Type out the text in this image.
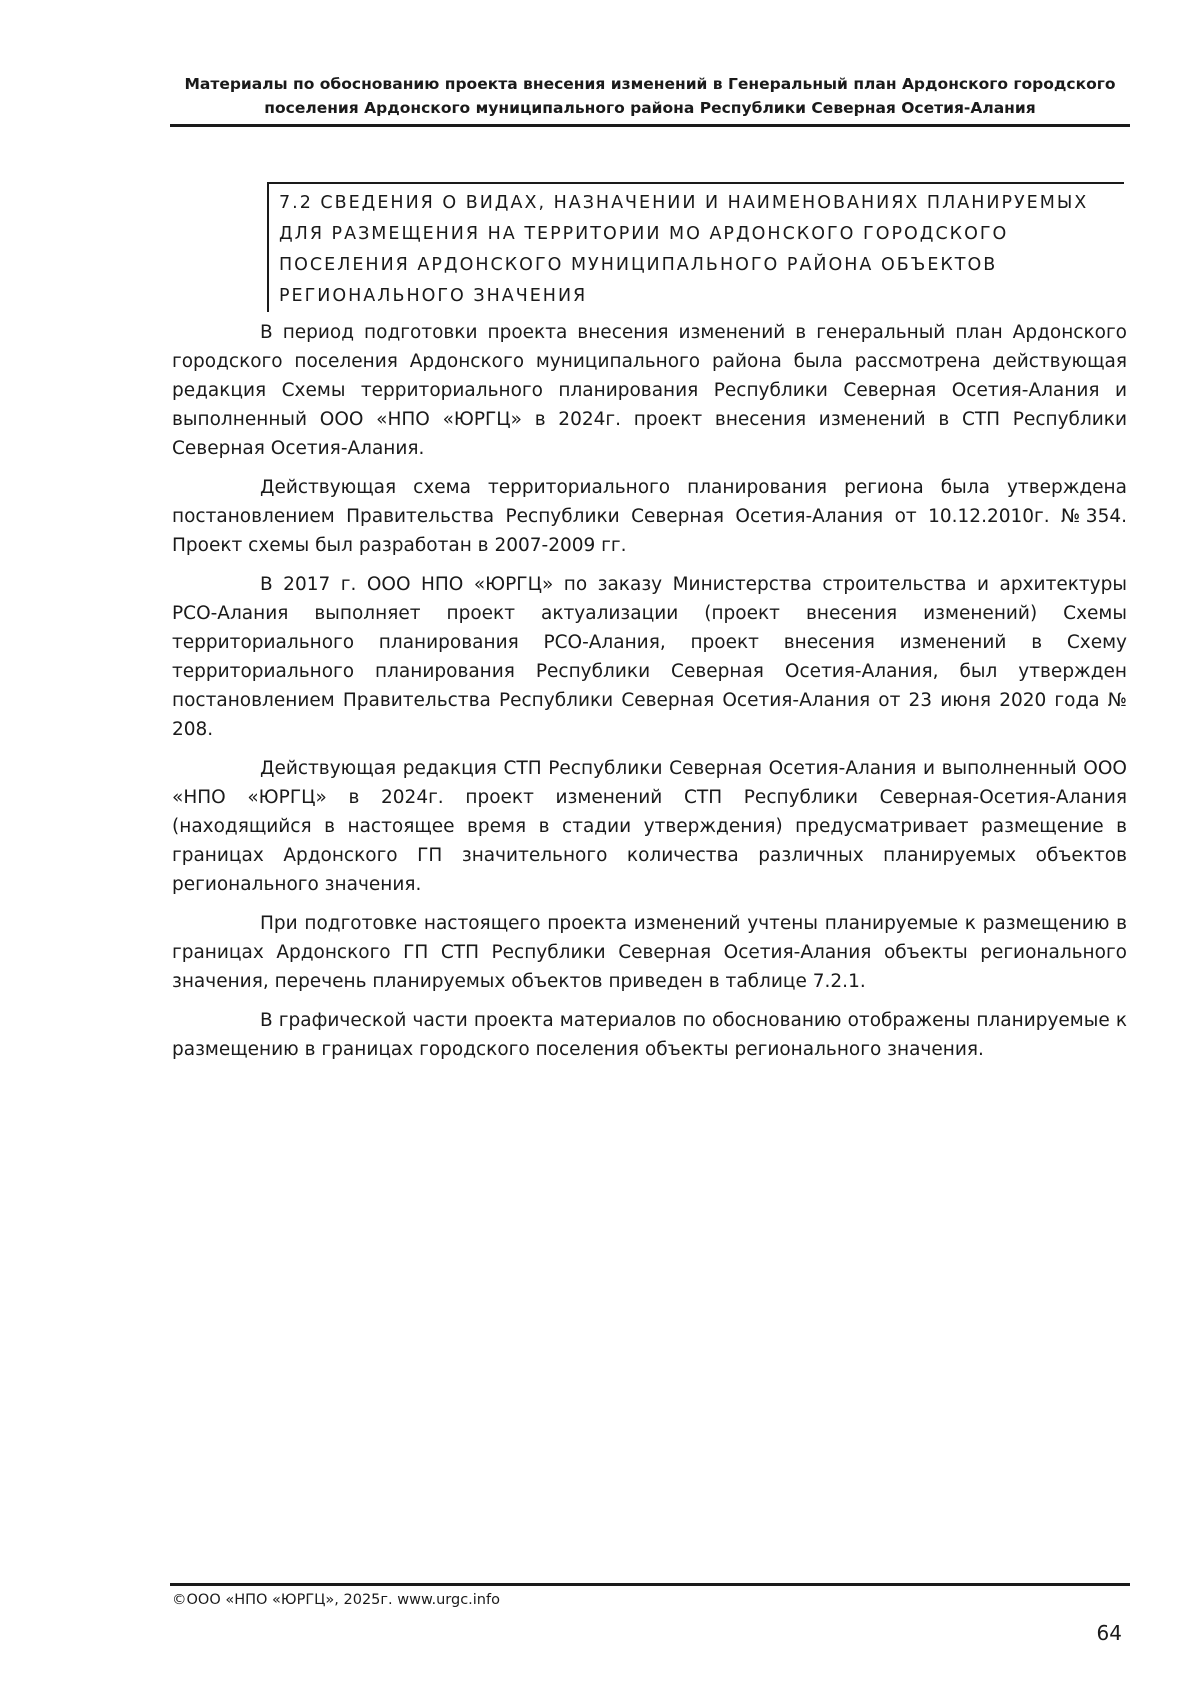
Материалы по обоснованию проекта внесения изменений в Генеральный план Ардонского городского
поселения Ардонского муниципального района Республики Северная Осетия-Алания
7.2 СВЕДЕНИЯ О ВИДАХ, НАЗНАЧЕНИИ И НАИМЕНОВАНИЯХ ПЛАНИРУЕМЫХ ДЛЯ РАЗМЕЩЕНИЯ НА ТЕРРИТОРИИ МО АРДОНСКОГО ГОРОДСКОГО ПОСЕЛЕНИЯ АРДОНСКОГО МУНИЦИПАЛЬНОГО РАЙОНА ОБЪЕКТОВ РЕГИОНАЛЬНОГО ЗНАЧЕНИЯ

В период подготовки проекта внесения изменений в генеральный план Ардонского городского поселения Ардонского муниципального района была рассмотрена действующая редакция Схемы территориального планирования Республики Северная Осетия-Алания и выполненный ООО «НПО «ЮРГЦ» в 2024г. проект внесения изменений в СТП Республики Северная Осетия-Алания.

Действующая схема территориального планирования региона была утверждена постановлением Правительства Республики Северная Осетия-Алания от 10.12.2010г. №354. Проект схемы был разработан в 2007-2009 гг.

В 2017 г. ООО НПО «ЮРГЦ» по заказу Министерства строительства и архитектуры РСО-Алания выполняет проект актуализации (проект внесения изменений) Схемы территориального планирования РСО-Алания, проект внесения изменений в Схему территориального планирования Республики Северная Осетия-Алания, был утвержден постановлением Правительства Республики Северная Осетия-Алания от 23 июня 2020 года № 208.

Действующая редакция СТП Республики Северная Осетия-Алания и выполненный ООО «НПО «ЮРГЦ» в 2024г. проект изменений СТП Республики Северная-Осетия-Алания (находящийся в настоящее время в стадии утверждения) предусматривает размещение в границах Ардонского ГП значительного количества различных планируемых объектов регионального значения.

При подготовке настоящего проекта изменений учтены планируемые к размещению в границах Ардонского ГП СТП Республики Северная Осетия-Алания объекты регионального значения, перечень планируемых объектов приведен в таблице 7.2.1.

В графической части проекта материалов по обоснованию отображены планируемые к размещению в границах городского поселения объекты регионального значения.

©ООО «НПО «ЮРГЦ», 2025г. www.urgc.info
64
